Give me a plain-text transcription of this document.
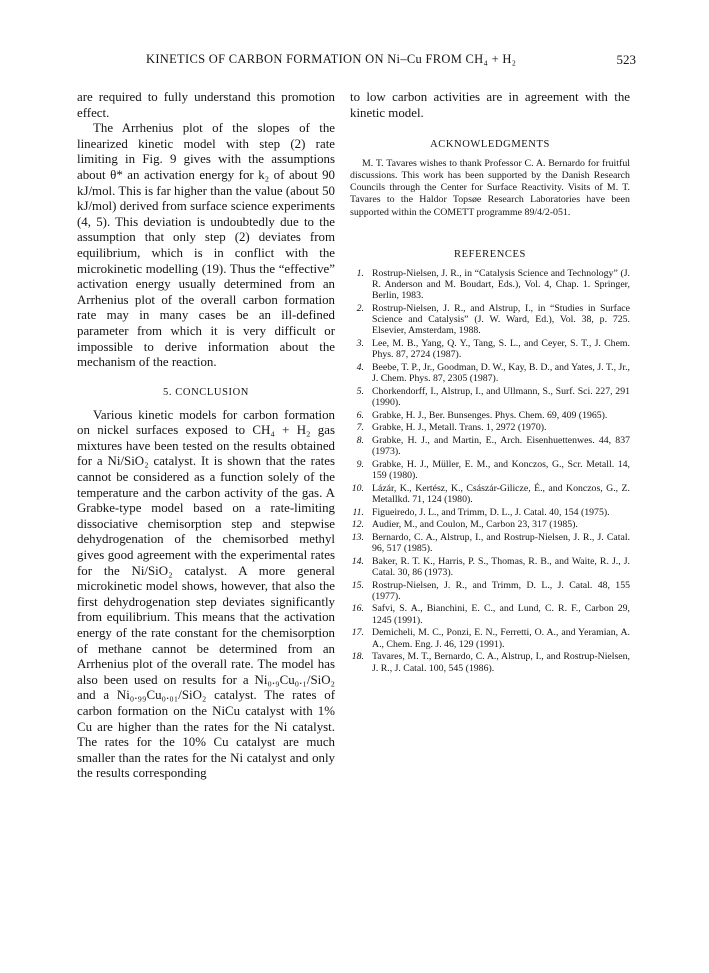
KINETICS OF CARBON FORMATION ON Ni–Cu FROM CH₄ + H₂	523

are required to fully understand this promotion effect.

The Arrhenius plot of the slopes of the linearized kinetic model with step (2) rate limiting in Fig. 9 gives with the assumptions about θ* an activation energy for k₂ of about 90 kJ/mol. This is far higher than the value (about 50 kJ/mol) derived from surface science experiments (4, 5). This deviation is undoubtedly due to the assumption that only step (2) deviates from equilibrium, which is in conflict with the microkinetic modelling (19). Thus the “effective” activation energy usually determined from an Arrhenius plot of the overall carbon formation rate may in many cases be an ill-defined parameter from which it is very difficult or impossible to derive information about the mechanism of the reaction.

5. CONCLUSION

Various kinetic models for carbon formation on nickel surfaces exposed to CH₄ + H₂ gas mixtures have been tested on the results obtained for a Ni/SiO₂ catalyst. It is shown that the rates cannot be considered as a function solely of the temperature and the carbon activity of the gas. A Grabke-type model based on a rate-limiting dissociative chemisorption step and stepwise dehydrogenation of the chemisorbed methyl gives good agreement with the experimental rates for the Ni/SiO₂ catalyst. A more general microkinetic model shows, however, that also the first dehydrogenation step deviates significantly from equilibrium. This means that the activation energy of the rate constant for the chemisorption of methane cannot be determined from an Arrhenius plot of the overall rate. The model has also been used on results for a Ni₀.₉Cu₀.₁/SiO₂ and a Ni₀.₉₉Cu₀.₀₁/SiO₂ catalyst. The rates of carbon formation on the NiCu catalyst with 1% Cu are higher than the rates for the Ni catalyst. The rates for the 10% Cu catalyst are much smaller than the rates for the Ni catalyst and only the results corresponding

to low carbon activities are in agreement with the kinetic model.

ACKNOWLEDGMENTS

M. T. Tavares wishes to thank Professor C. A. Bernardo for fruitful discussions. This work has been supported by the Danish Research Councils through the Center for Surface Reactivity. Visits of M. T. Tavares to the Haldor Topsøe Research Laboratories have been supported within the COMETT programme 89/4/2-051.

REFERENCES

1. Rostrup-Nielsen, J. R., in “Catalysis Science and Technology” (J. R. Anderson and M. Boudart, Eds.), Vol. 4, Chap. 1. Springer, Berlin, 1983.
2. Rostrup-Nielsen, J. R., and Alstrup, I., in “Studies in Surface Science and Catalysis” (J. W. Ward, Ed.), Vol. 38, p. 725. Elsevier, Amsterdam, 1988.
3. Lee, M. B., Yang, Q. Y., Tang, S. L., and Ceyer, S. T., J. Chem. Phys. 87, 2724 (1987).
4. Beebe, T. P., Jr., Goodman, D. W., Kay, B. D., and Yates, J. T., Jr., J. Chem. Phys. 87, 2305 (1987).
5. Chorkendorff, I., Alstrup, I., and Ullmann, S., Surf. Sci. 227, 291 (1990).
6. Grabke, H. J., Ber. Bunsenges. Phys. Chem. 69, 409 (1965).
7. Grabke, H. J., Metall. Trans. 1, 2972 (1970).
8. Grabke, H. J., and Martin, E., Arch. Eisenhuettenwes. 44, 837 (1973).
9. Grabke, H. J., Müller, E. M., and Konczos, G., Scr. Metall. 14, 159 (1980).
10. Lázár, K., Kertész, K., Császár-Gilicze, É., and Konczos, G., Z. Metallkd. 71, 124 (1980).
11. Figueiredo, J. L., and Trimm, D. L., J. Catal. 40, 154 (1975).
12. Audier, M., and Coulon, M., Carbon 23, 317 (1985).
13. Bernardo, C. A., Alstrup, I., and Rostrup-Nielsen, J. R., J. Catal. 96, 517 (1985).
14. Baker, R. T. K., Harris, P. S., Thomas, R. B., and Waite, R. J., J. Catal. 30, 86 (1973).
15. Rostrup-Nielsen, J. R., and Trimm, D. L., J. Catal. 48, 155 (1977).
16. Safvi, S. A., Bianchini, E. C., and Lund, C. R. F., Carbon 29, 1245 (1991).
17. Demicheli, M. C., Ponzi, E. N., Ferretti, O. A., and Yeramian, A. A., Chem. Eng. J. 46, 129 (1991).
18. Tavares, M. T., Bernardo, C. A., Alstrup, I., and Rostrup-Nielsen, J. R., J. Catal. 100, 545 (1986).
